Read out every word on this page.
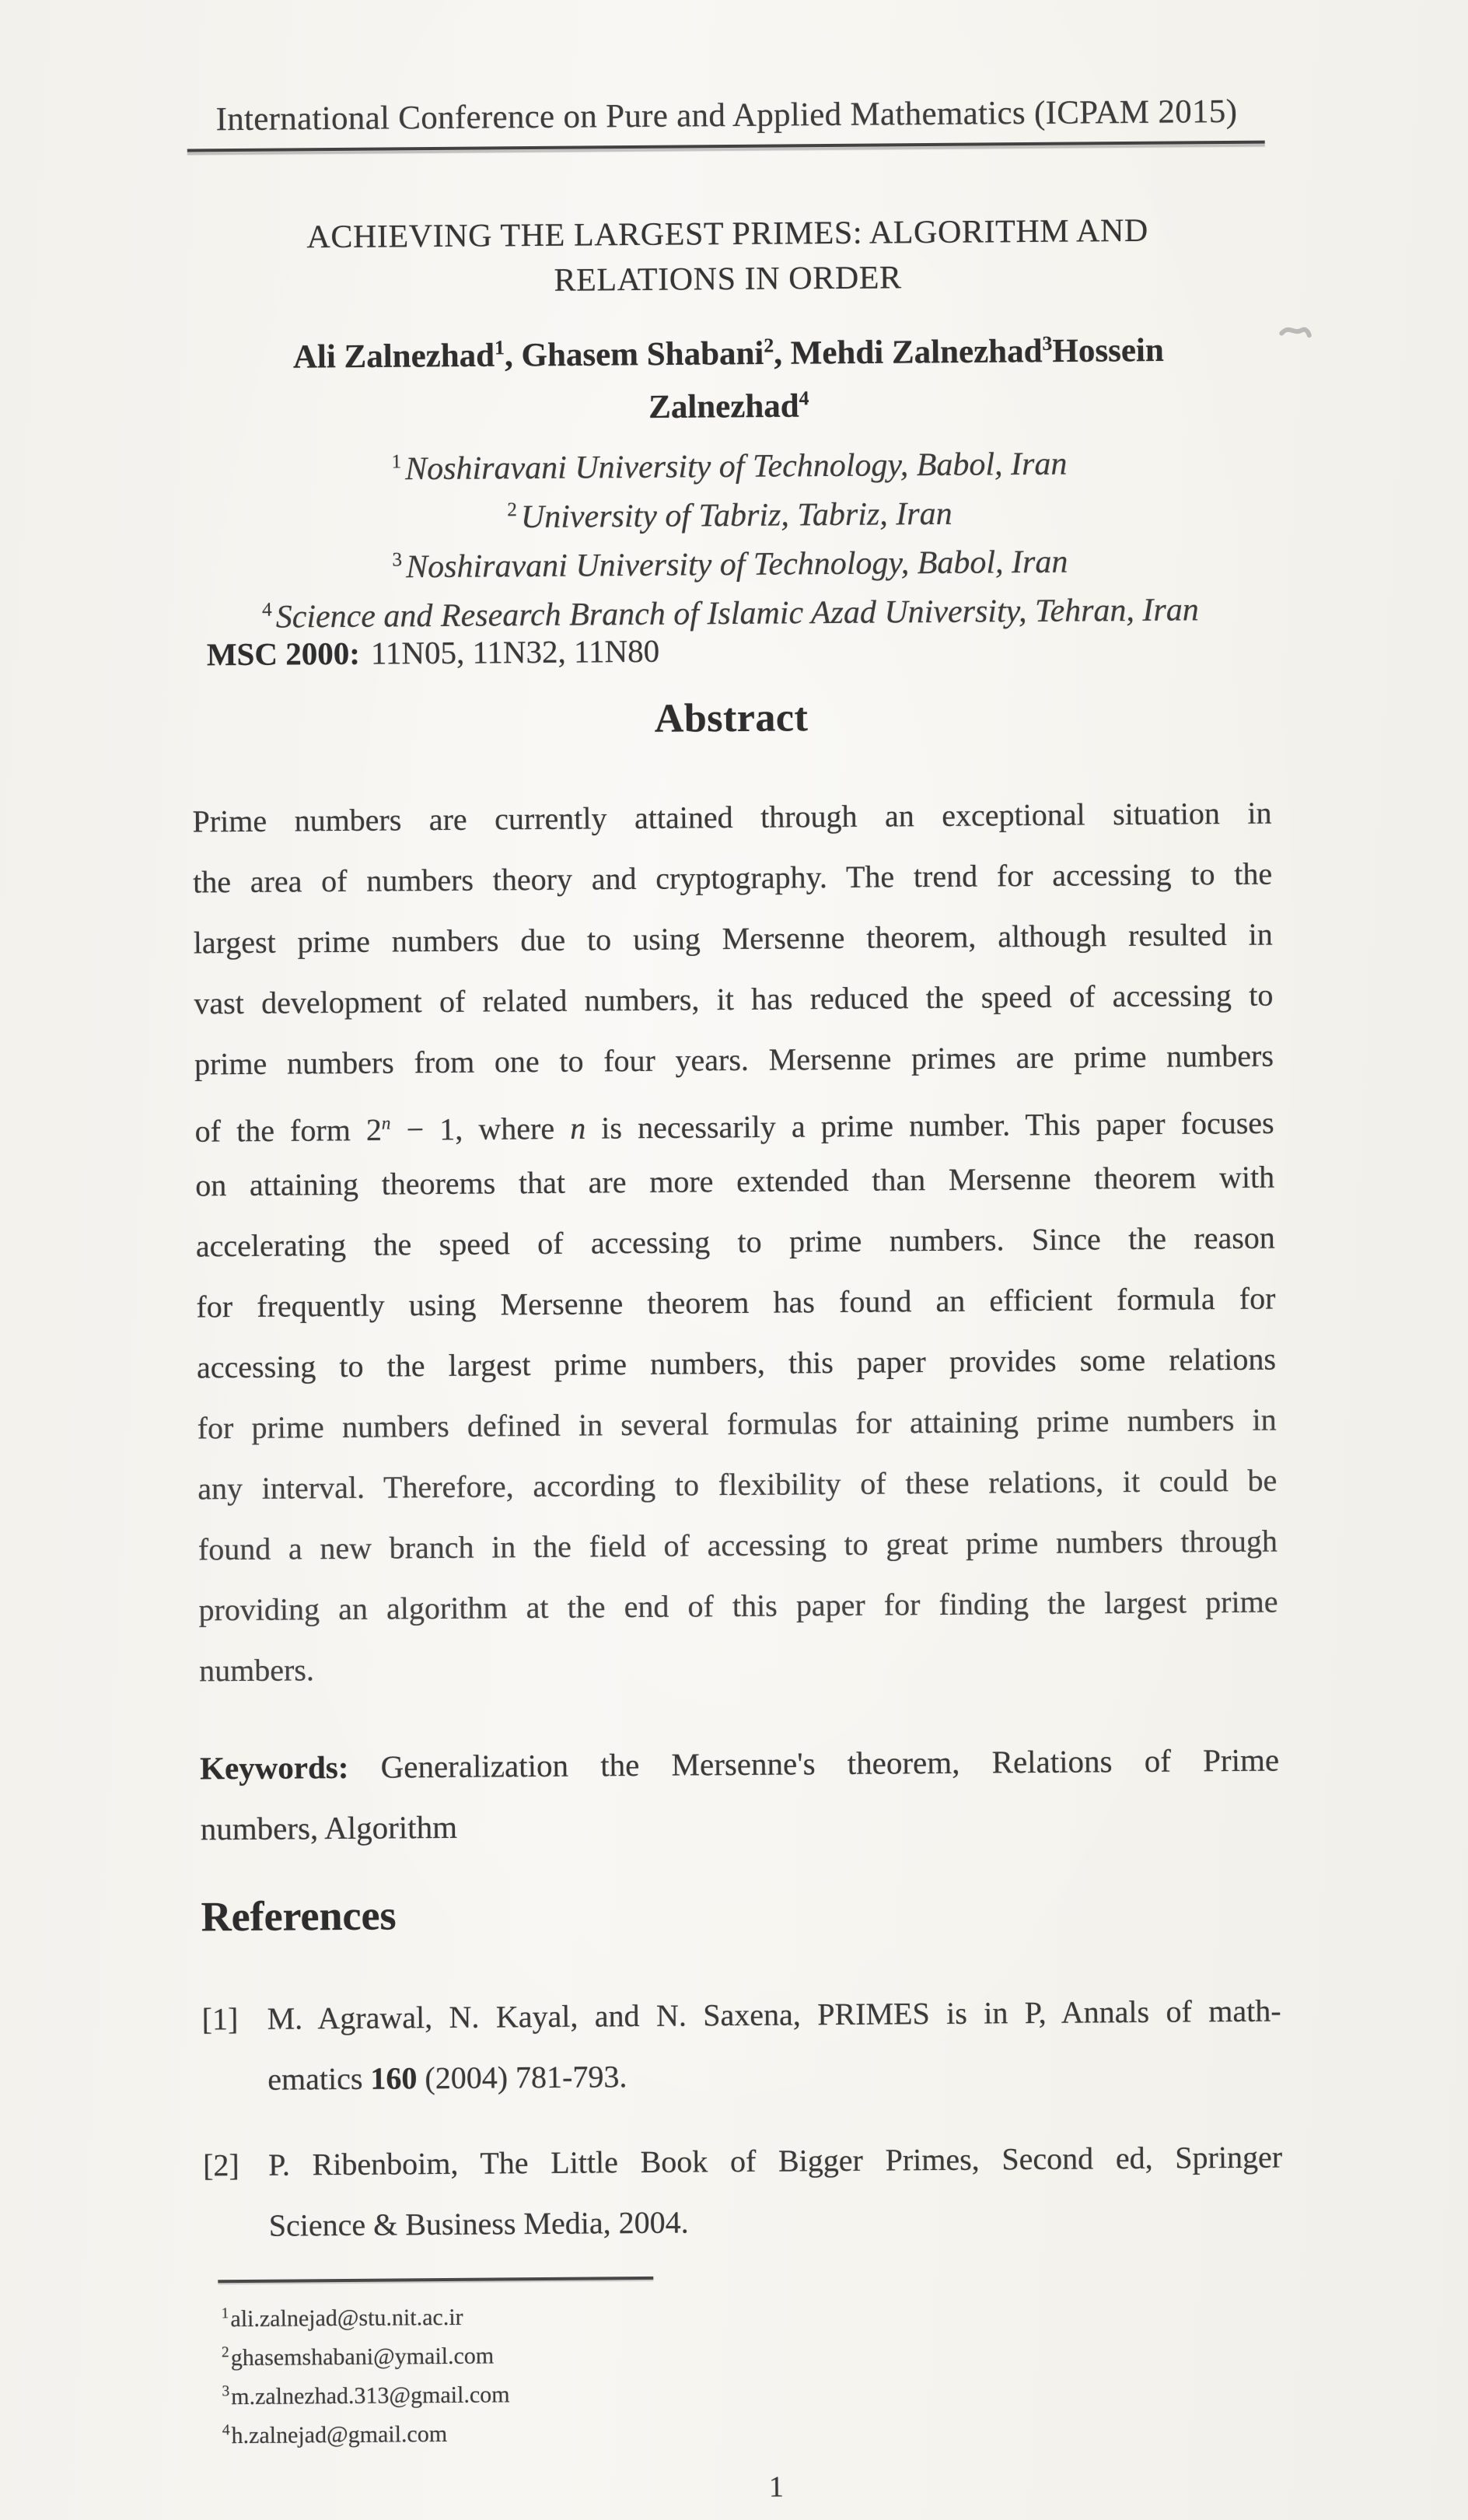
International Conference on Pure and Applied Mathematics (ICPAM 2015)
ACHIEVING THE LARGEST PRIMES: ALGORITHM AND
RELATIONS IN ORDER
Ali Zalnezhad$^1$, Ghasem Shabani$^2$, Mehdi Zalnezhad$^3$Hossein
Zalnezhad$^4$
$^1$ Noshiravani University of Technology, Babol, Iran
$^2$ University of Tabriz, Tabriz, Iran
$^3$ Noshiravani University of Technology, Babol, Iran
$^4$ Science and Research Branch of Islamic Azad University, Tehran, Iran
MSC 2000: 11N05, 11N32, 11N80
Abstract
Prime numbers are currently attained through an exceptional situation in
the area of numbers theory and cryptography. The trend for accessing to the
largest prime numbers due to using Mersenne theorem, although resulted in
vast development of related numbers, it has reduced the speed of accessing to
prime numbers from one to four years. Mersenne primes are prime numbers
of the form $2^n - 1$, where n is necessarily a prime number. This paper focuses
on attaining theorems that are more extended than Mersenne theorem with
accelerating the speed of accessing to prime numbers. Since the reason
for frequently using Mersenne theorem has found an efficient formula for
accessing to the largest prime numbers, this paper provides some relations
for prime numbers defined in several formulas for attaining prime numbers in
any interval. Therefore, according to flexibility of these relations, it could be
found a new branch in the field of accessing to great prime numbers through
providing an algorithm at the end of this paper for finding the largest prime
numbers.
Keywords: Generalization the Mersenne's theorem, Relations of Prime
numbers, Algorithm
References
[1] M. Agrawal, N. Kayal, and N. Saxena, PRIMES is in P, Annals of math-
ematics 160 (2004) 781-793.
[2] P. Ribenboim, The Little Book of Bigger Primes, Second ed, Springer
Science & Business Media, 2004.
$^1$ali.zalnejad@stu.nit.ac.ir
$^2$ghasemshabani@ymail.com
$^3$m.zalnezhad.313@gmail.com
$^4$h.zalnejad@gmail.com
1
